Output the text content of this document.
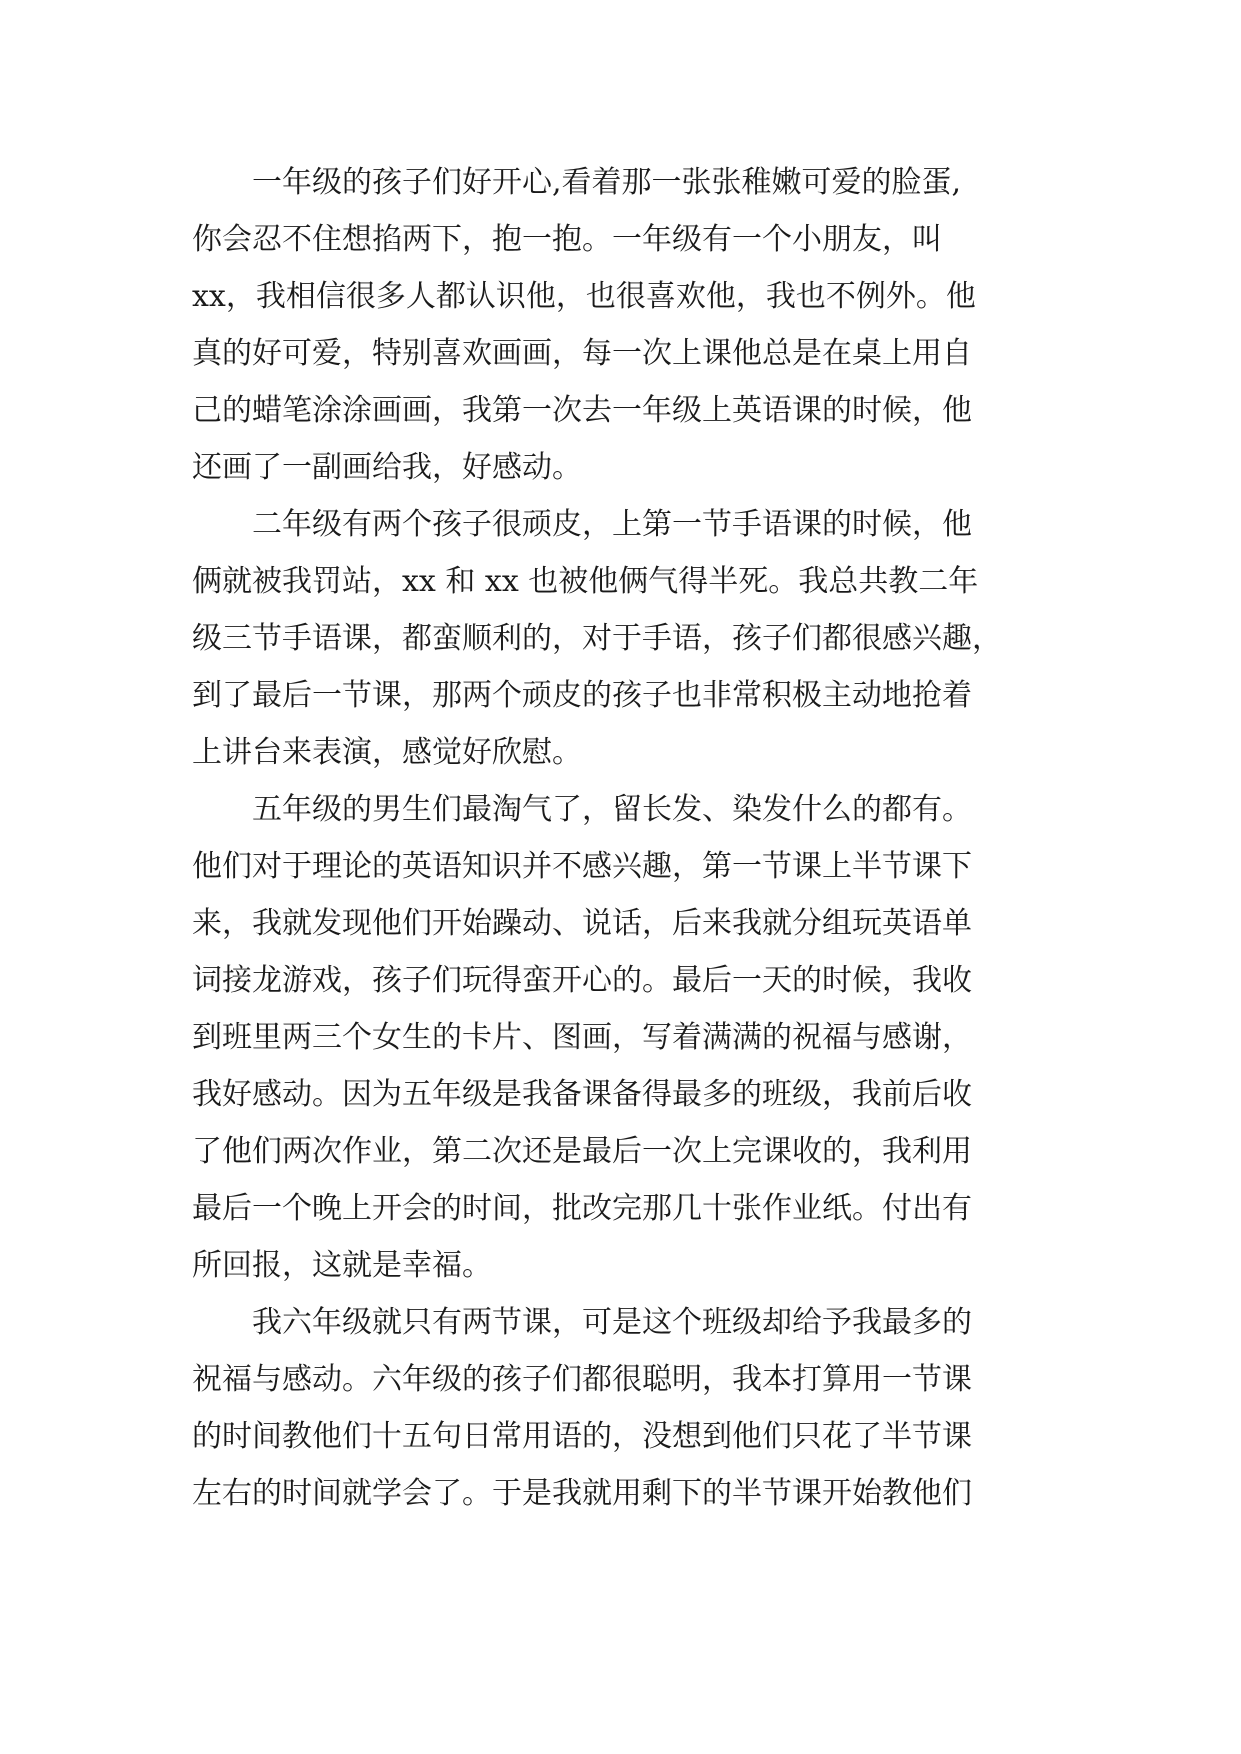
一年级的孩子们好开心,看着那一张张稚嫩可爱的脸蛋,
你会忍不住想掐两下，抱一抱。一年级有一个小朋友，叫
xx，我相信很多人都认识他，也很喜欢他，我也不例外。他
真的好可爱，特别喜欢画画，每一次上课他总是在桌上用自
己的蜡笔涂涂画画，我第一次去一年级上英语课的时候，他
还画了一副画给我，好感动。
二年级有两个孩子很顽皮，上第一节手语课的时候，他
俩就被我罚站，xx 和 xx 也被他俩气得半死。我总共教二年
级三节手语课，都蛮顺利的，对于手语，孩子们都很感兴趣，
到了最后一节课，那两个顽皮的孩子也非常积极主动地抢着
上讲台来表演，感觉好欣慰。
五年级的男生们最淘气了，留长发、染发什么的都有。
他们对于理论的英语知识并不感兴趣，第一节课上半节课下
来，我就发现他们开始躁动、说话，后来我就分组玩英语单
词接龙游戏，孩子们玩得蛮开心的。最后一天的时候，我收
到班里两三个女生的卡片、图画，写着满满的祝福与感谢，
我好感动。因为五年级是我备课备得最多的班级，我前后收
了他们两次作业，第二次还是最后一次上完课收的，我利用
最后一个晚上开会的时间，批改完那几十张作业纸。付出有
所回报，这就是幸福。
我六年级就只有两节课，可是这个班级却给予我最多的
祝福与感动。六年级的孩子们都很聪明，我本打算用一节课
的时间教他们十五句日常用语的，没想到他们只花了半节课
左右的时间就学会了。于是我就用剩下的半节课开始教他们
